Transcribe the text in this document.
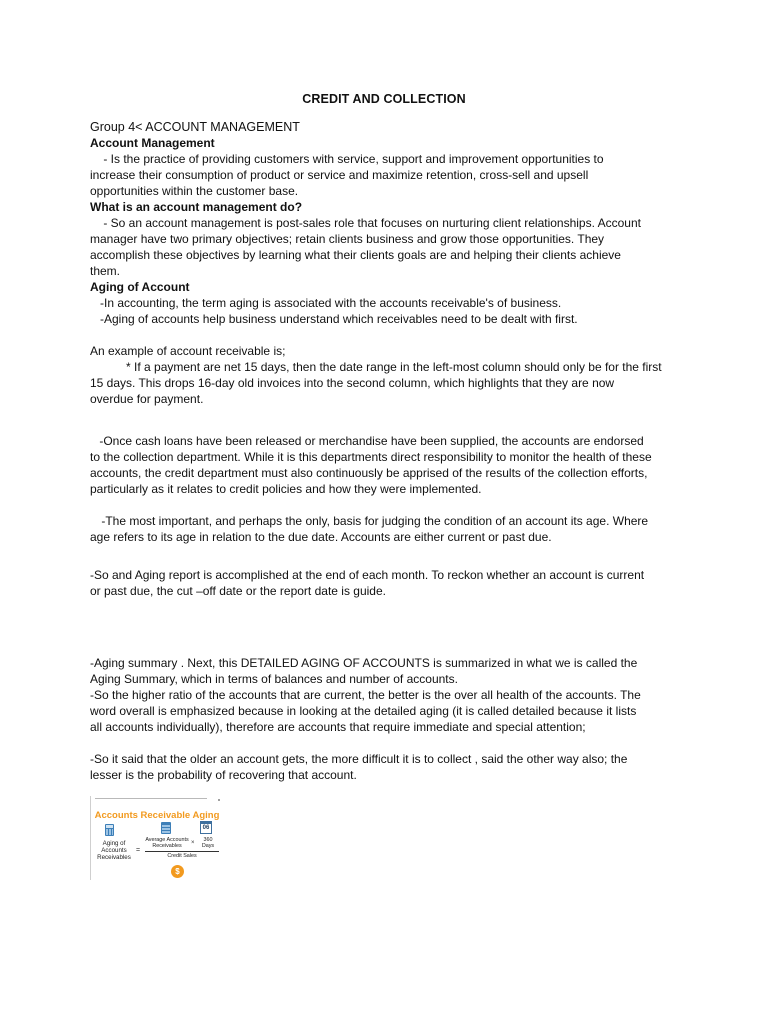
CREDIT AND COLLECTION

Group 4< ACCOUNT MANAGEMENT

Account Management

- Is the practice of providing customers with service, support and improvement opportunities to

increase their consumption of product or service and maximize retention, cross-sell and upsell

opportunities within the customer base.

What is an account management do?

- So an account management is post-sales role that focuses on nurturing client relationships. Account

manager have two primary objectives; retain clients business and grow those opportunities. They

accomplish these objectives by learning what their clients goals are and helping their clients achieve

them.

Aging of Account

-In accounting, the term aging is associated with the accounts receivable's of business.

-Aging of accounts help business understand which receivables need to be dealt with first.

An example of account receivable is;

* If a payment are net 15 days, then the date range in the left-most column should only be for the first

15 days. This drops 16-day old invoices into the second column, which highlights that they are now

overdue for payment.

-Once cash loans have been released or merchandise have been supplied, the accounts are endorsed

to the collection department. While it is this departments direct responsibility to monitor the health of these

accounts, the credit department must also continuously be apprised of the results of the collection efforts,

particularly as it relates to credit policies and how they were implemented.

-The most important, and perhaps the only, basis for judging the condition of an account its age. Where

age refers to its age in relation to the due date. Accounts are either current or past due.

-So and Aging report is accomplished at the end of each month. To reckon whether an account is current

or past due, the cut –off date or the report date is guide.

-Aging summary . Next, this DETAILED AGING OF ACCOUNTS is summarized in what we is called the

Aging Summary, which in terms of balances and number of accounts.

-So the higher ratio of the accounts that are current, the better is the over all health of the accounts. The

word overall is emphasized because in looking at the detailed aging (it is called detailed because it lists

all accounts individually), therefore are accounts that require immediate and special attention;

-So it said that the older an account gets, the more difficult it is to collect , said the other way also; the

lesser is the probability of recovering that account.

Accounts Receivable Aging
06
Aging of Accounts Receivables
=
Average Accounts Receivables	×	360 Days
Credit Sales
$
